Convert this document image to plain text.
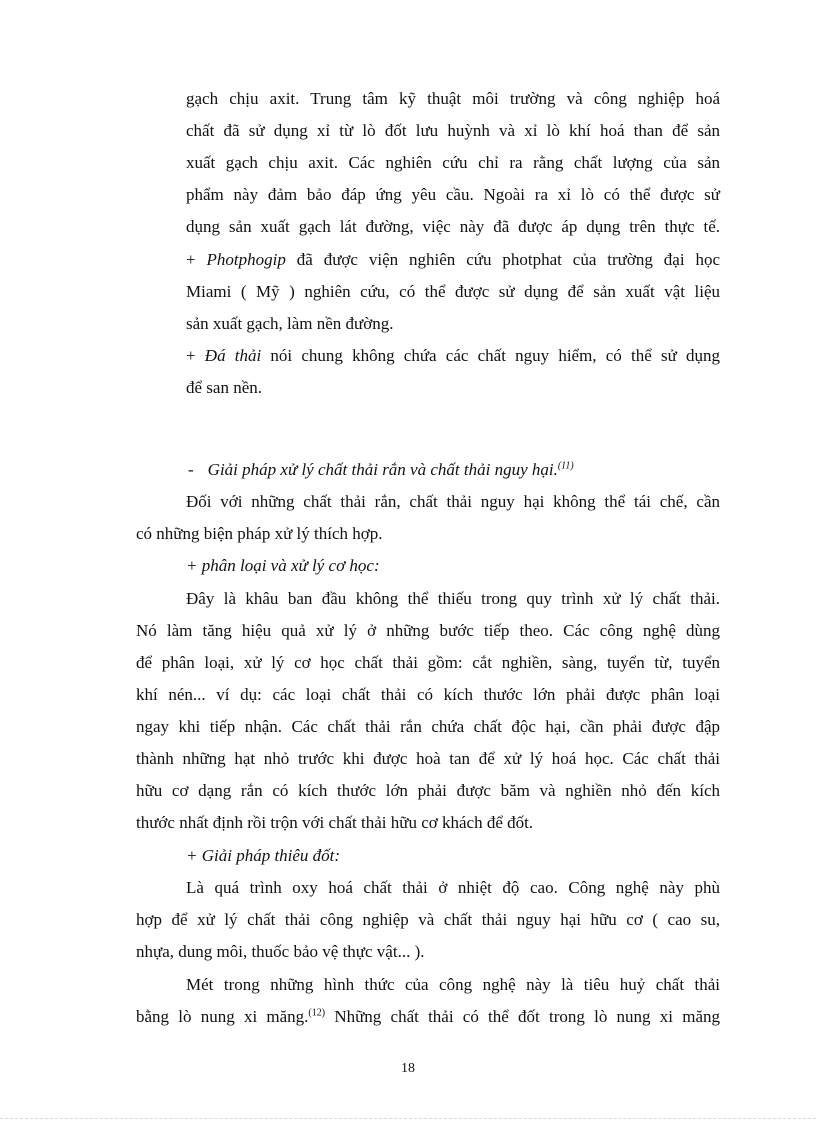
gạch chịu axit. Trung tâm kỹ thuật môi trường và công nghiệp hoá

chất đã sử dụng xỉ từ lò đốt lưu huỳnh và xỉ lò khí hoá than để sản

xuất gạch chịu axit. Các nghiên cứu chỉ ra rằng chất lượng của sản

phẩm này đảm bảo đáp ứng yêu cầu. Ngoài ra xỉ lò có thể được sử

dụng sản xuất gạch lát đường, việc này đã được áp dụng trên thực tế.

+ Photphogip đã được viện nghiên cứu photphat của trường đại học

Miami ( Mỹ ) nghiên cứu, có thể được sử dụng để sản xuất vật liệu

sản xuất gạch, làm nền đường.

+ Đá thải nói chung không chứa các chất nguy hiểm, có thể sử dụng

để san nền.

- Giải pháp xử lý chất thải rắn và chất thải nguy hại.$^{(11)}$

Đối với những chất thải rắn, chất thải nguy hại không thể tái chế, cần

có những biện pháp xử lý thích hợp.

+ phân loại và xử lý cơ học:

Đây là khâu ban đầu không thể thiếu trong quy trình xử lý chất thải.

Nó làm tăng hiệu quả xử lý ở những bước tiếp theo. Các công nghệ dùng

để phân loại, xử lý cơ học chất thải gồm: cắt nghiền, sàng, tuyển từ, tuyển

khí nén... ví dụ: các loại chất thải có kích thước lớn phải được phân loại

ngay khi tiếp nhận. Các chất thải rắn chứa chất độc hại, cần phải được đập

thành những hạt nhỏ trước khi được hoà tan để xử lý hoá học. Các chất thải

hữu cơ dạng rắn có kích thước lớn phải được băm và nghiền nhỏ đến kích

thước nhất định rồi trộn với chất thải hữu cơ khách để đốt.

+ Giải pháp thiêu đốt:

Là quá trình oxy hoá chất thải ở nhiệt độ cao. Công nghệ này phù

hợp để xử lý chất thải công nghiệp và chất thải nguy hại hữu cơ ( cao su,

nhựa, dung môi, thuốc bảo vệ thực vật... ).

Mét trong những hình thức của công nghệ này là tiêu huỷ chất thải

bằng lò nung xi măng.$^{(12)}$ Những chất thải có thể đốt trong lò nung xi măng

18
